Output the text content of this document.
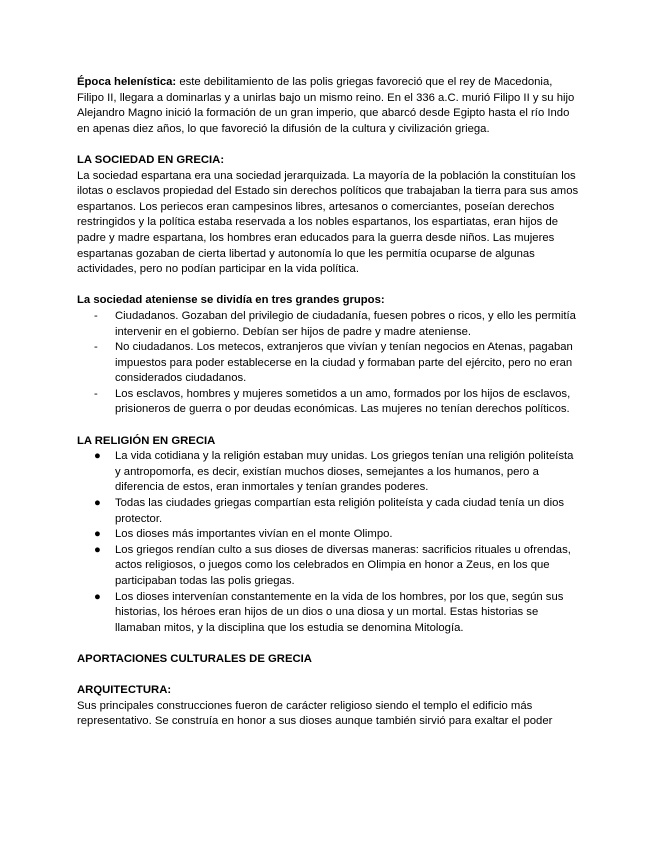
Época helenística: este debilitamiento de las polis griegas favoreció que el rey de Macedonia, Filipo II, llegara a dominarlas y a unirlas bajo un mismo reino. En el 336 a.C. murió Filipo II y su hijo Alejandro Magno inició la formación de un gran imperio, que abarcó desde Egipto hasta el río Indo en apenas diez años, lo que favoreció la difusión de la cultura y civilización griega.

LA SOCIEDAD EN GRECIA:

La sociedad espartana era una sociedad jerarquizada. La mayoría de la población la constituían los ilotas o esclavos propiedad del Estado sin derechos políticos que trabajaban la tierra para sus amos espartanos. Los periecos eran campesinos libres, artesanos o comerciantes, poseían derechos restringidos y la política estaba reservada a los nobles espartanos, los espartiatas, eran hijos de padre y madre espartana, los hombres eran educados para la guerra desde niños. Las mujeres espartanas gozaban de cierta libertad y autonomía lo que les permitía ocuparse de algunas actividades, pero no podían participar en la vida política.

La sociedad ateniense se dividía en tres grandes grupos:

- Ciudadanos. Gozaban del privilegio de ciudadanía, fuesen pobres o ricos, y ello les permitía intervenir en el gobierno. Debían ser hijos de padre y madre ateniense.
- No ciudadanos. Los metecos, extranjeros que vivían y tenían negocios en Atenas, pagaban impuestos para poder establecerse en la ciudad y formaban parte del ejército, pero no eran considerados ciudadanos.
- Los esclavos, hombres y mujeres sometidos a un amo, formados por los hijos de esclavos, prisioneros de guerra o por deudas económicas. Las mujeres no tenían derechos políticos.

LA RELIGIÓN EN GRECIA

● La vida cotidiana y la religión estaban muy unidas. Los griegos tenían una religión politeísta y antropomorfa, es decir, existían muchos dioses, semejantes a los humanos, pero a diferencia de estos, eran inmortales y tenían grandes poderes.
● Todas las ciudades griegas compartían esta religión politeísta y cada ciudad tenía un dios protector.
● Los dioses más importantes vivían en el monte Olimpo.
● Los griegos rendían culto a sus dioses de diversas maneras: sacrificios rituales u ofrendas, actos religiosos, o juegos como los celebrados en Olimpia en honor a Zeus, en los que participaban todas las polis griegas.
● Los dioses intervenían constantemente en la vida de los hombres, por los que, según sus historias, los héroes eran hijos de un dios o una diosa y un mortal. Estas historias se llamaban mitos, y la disciplina que los estudia se denomina Mitología.

APORTACIONES CULTURALES DE GRECIA

ARQUITECTURA:

Sus principales construcciones fueron de carácter religioso siendo el templo el edificio más representativo. Se construía en honor a sus dioses aunque también sirvió para exaltar el poder
